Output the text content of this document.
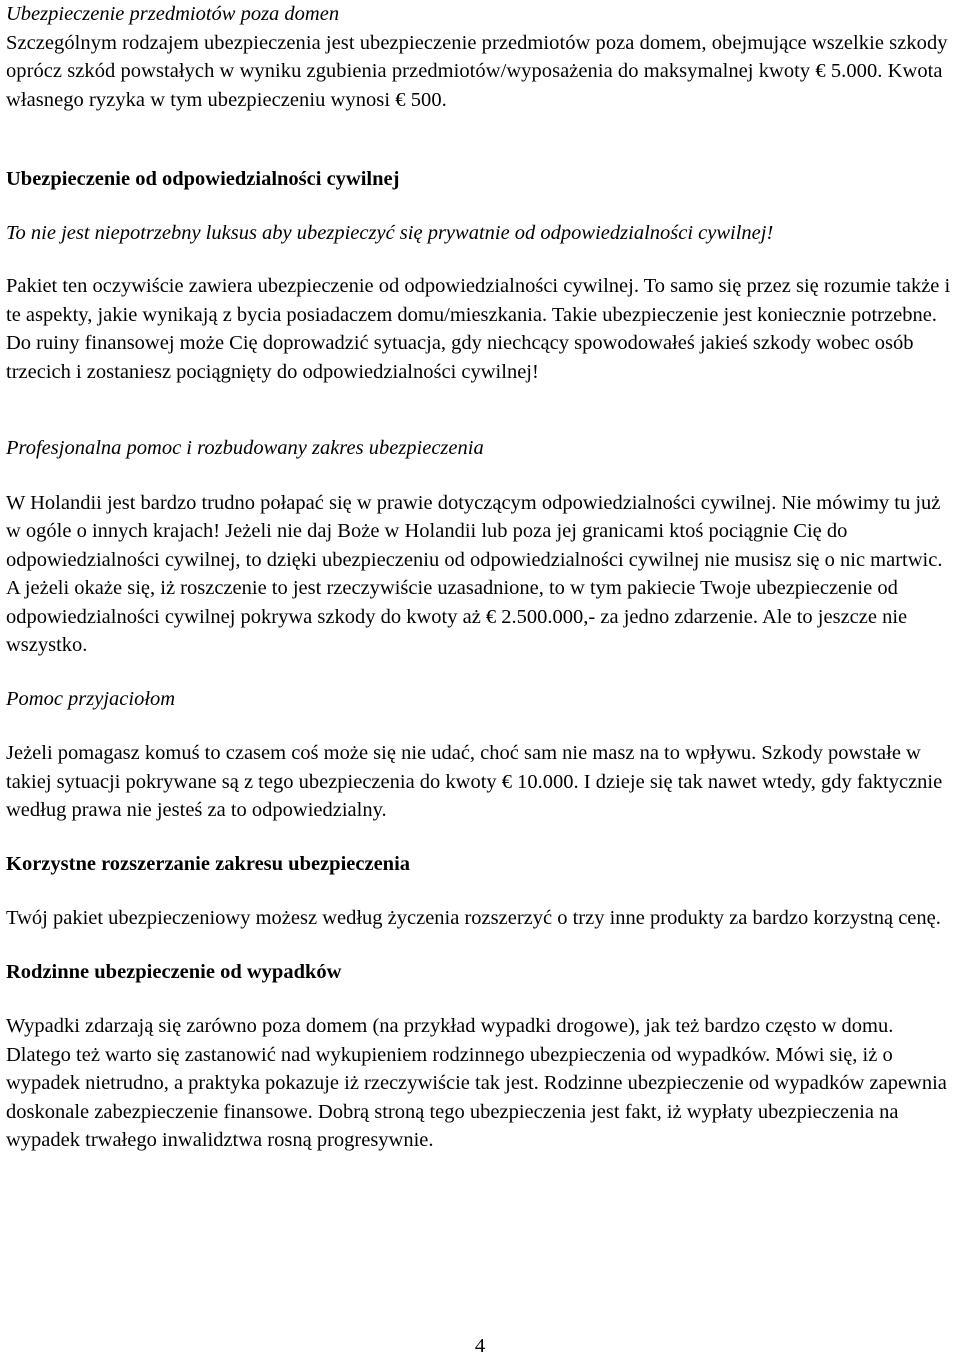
Ubezpieczenie przedmiotów poza domen

Szczególnym rodzajem ubezpieczenia jest ubezpieczenie przedmiotów poza domem, obejmujące wszelkie szkody oprócz szkód powstałych w wyniku zgubienia przedmiotów/wyposażenia do maksymalnej kwoty € 5.000. Kwota własnego ryzyka w tym ubezpieczeniu wynosi € 500.

Ubezpieczenie od odpowiedzialności cywilnej

To nie jest niepotrzebny luksus aby ubezpieczyć się prywatnie od odpowiedzialności cywilnej!

Pakiet ten oczywiście zawiera ubezpieczenie od odpowiedzialności cywilnej. To samo się przez się rozumie także i te aspekty, jakie wynikają z bycia posiadaczem domu/mieszkania. Takie ubezpieczenie jest koniecznie potrzebne. Do ruiny finansowej może Cię doprowadzić sytuacja, gdy niechcący spowodowałeś jakieś szkody wobec osób trzecich i zostaniesz pociągnięty do odpowiedzialności cywilnej!

Profesjonalna pomoc i rozbudowany zakres ubezpieczenia

W Holandii jest bardzo trudno połapać się w prawie dotyczącym odpowiedzialności cywilnej. Nie mówimy tu już w ogóle o innych krajach! Jeżeli nie daj Boże w Holandii lub poza jej granicami ktoś pociągnie Cię do odpowiedzialności cywilnej, to dzięki ubezpieczeniu od odpowiedzialności cywilnej nie musisz się o nic martwic. A jeżeli okaże się, iż roszczenie to jest rzeczywiście uzasadnione, to w tym pakiecie Twoje ubezpieczenie od odpowiedzialności cywilnej pokrywa szkody do kwoty aż € 2.500.000,- za jedno zdarzenie. Ale to jeszcze nie wszystko.

Pomoc przyjaciołom

Jeżeli pomagasz komuś to czasem coś może się nie udać, choć sam nie masz na to wpływu. Szkody powstałe w takiej sytuacji pokrywane są z tego ubezpieczenia do kwoty € 10.000. I dzieje się tak nawet wtedy, gdy faktycznie według prawa nie jesteś za to odpowiedzialny.

Korzystne rozszerzanie zakresu ubezpieczenia

Twój pakiet ubezpieczeniowy możesz według życzenia rozszerzyć o trzy inne produkty za bardzo korzystną cenę.

Rodzinne ubezpieczenie od wypadków

Wypadki zdarzają się zarówno poza domem (na przykład wypadki drogowe), jak też bardzo często w domu. Dlatego też warto się zastanowić nad wykupieniem rodzinnego ubezpieczenia od wypadków. Mówi się, iż o wypadek nietrudno, a praktyka pokazuje iż rzeczywiście tak jest. Rodzinne ubezpieczenie od wypadków zapewnia doskonale zabezpieczenie finansowe. Dobrą stroną tego ubezpieczenia jest fakt, iż wypłaty ubezpieczenia na wypadek trwałego inwalidztwa rosną progresywnie.

4
